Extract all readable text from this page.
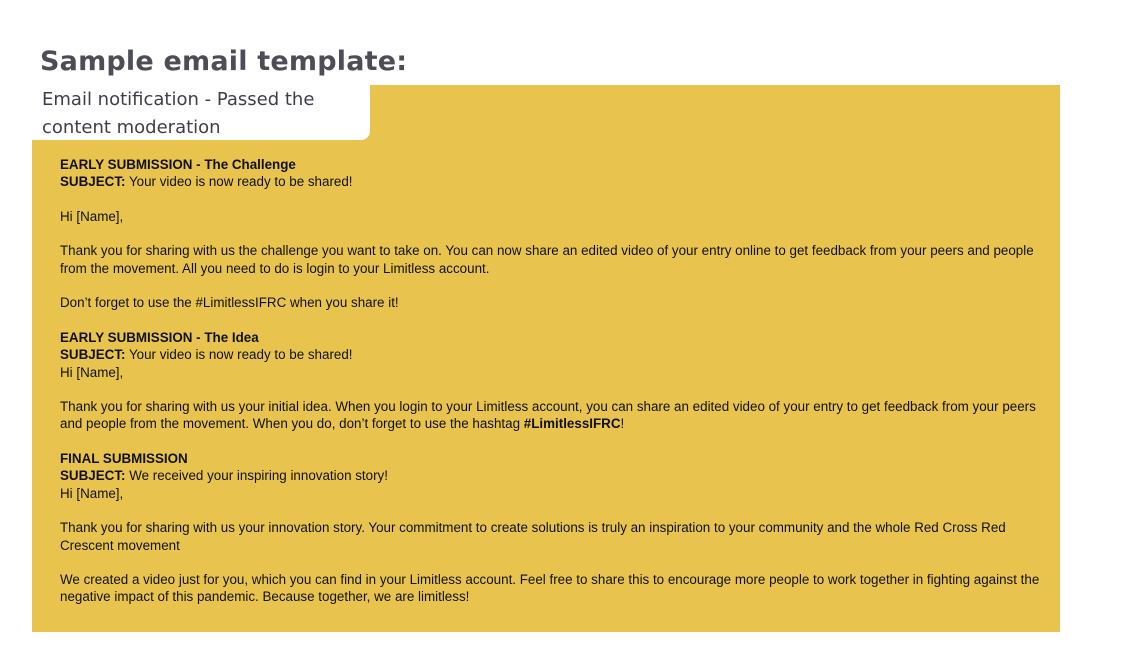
Sample email template:
Email notification - Passed the
content moderation

EARLY SUBMISSION - The Challenge

SUBJECT: Your video is now ready to be shared!

Hi [Name],

Thank you for sharing with us the challenge you want to take on. You can now share an edited video of your entry online to get feedback from your peers and people from the movement. All you need to do is login to your Limitless account.

Don’t forget to use the #LimitlessIFRC when you share it!

EARLY SUBMISSION - The Idea

SUBJECT: Your video is now ready to be shared!

Hi [Name],

Thank you for sharing with us your initial idea. When you login to your Limitless account, you can share an edited video of your entry to get feedback from your peers and people from the movement. When you do, don’t forget to use the hashtag #LimitlessIFRC!

FINAL SUBMISSION

SUBJECT: We received your inspiring innovation story!

Hi [Name],

Thank you for sharing with us your innovation story. Your commitment to create solutions is truly an inspiration to your community and the whole Red Cross Red Crescent movement

We created a video just for you, which you can find in your Limitless account. Feel free to share this to encourage more people to work together in fighting against the negative impact of this pandemic. Because together, we are limitless!
